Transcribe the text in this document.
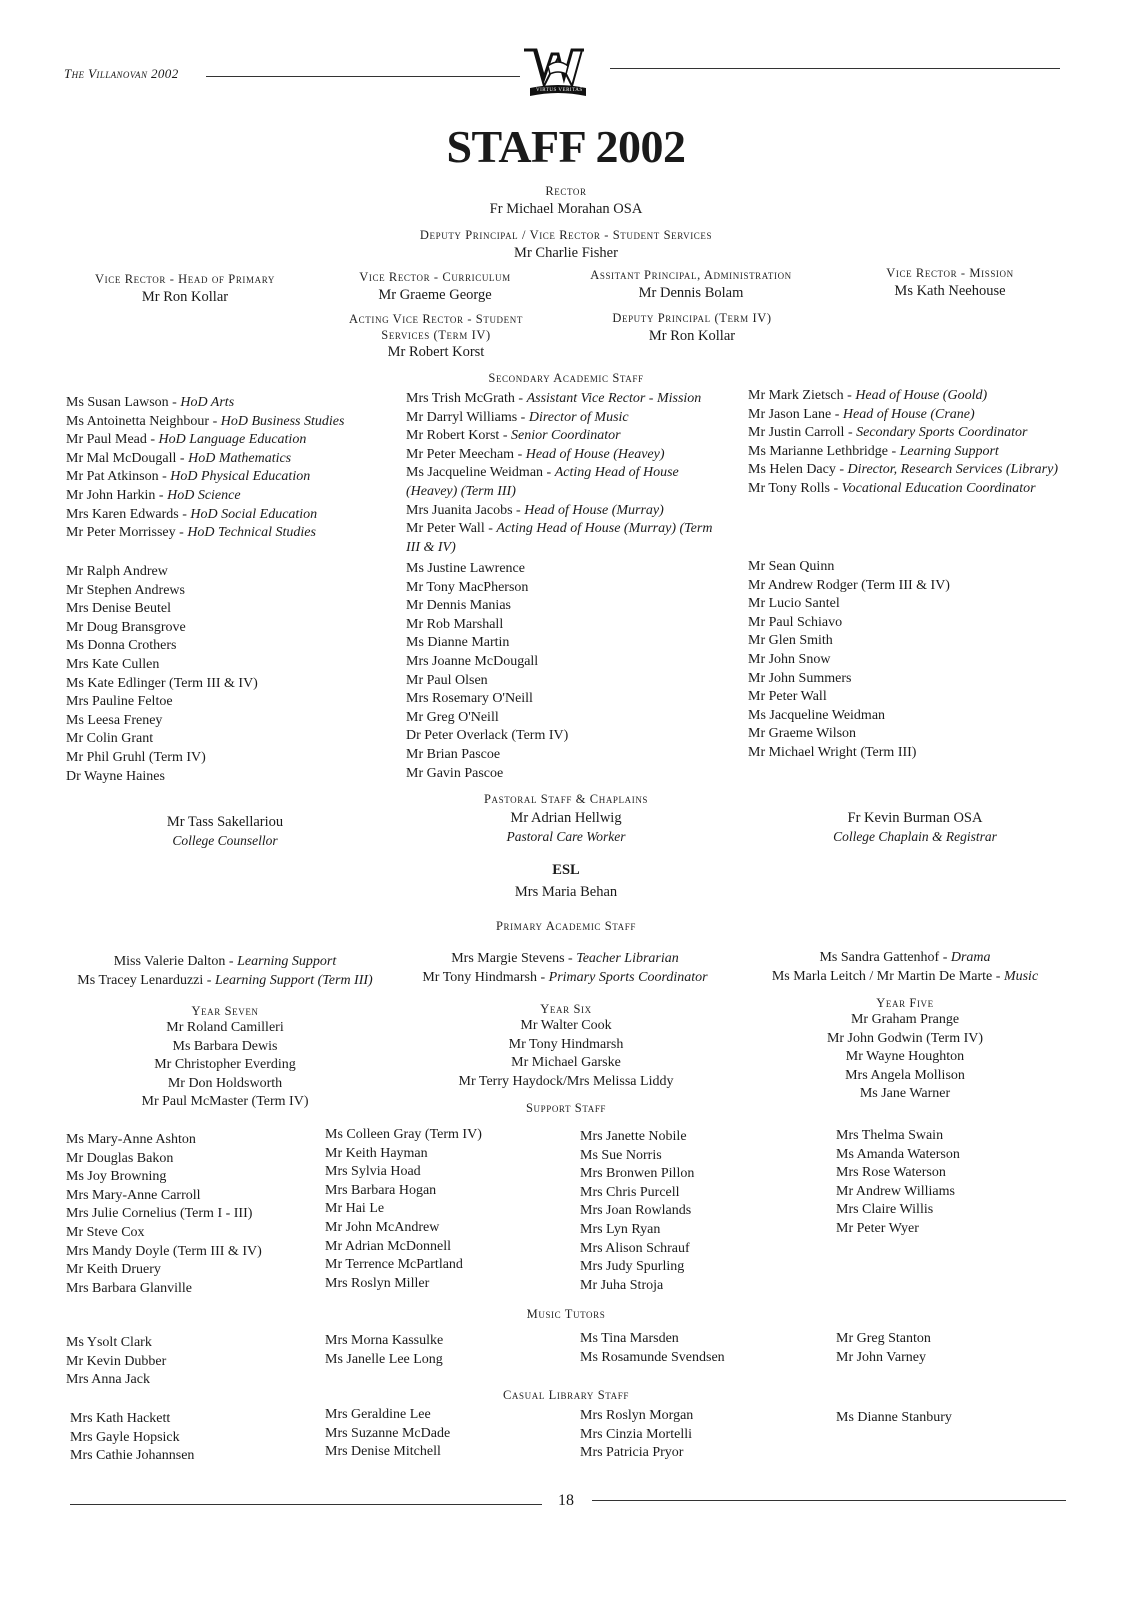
The Villanovan 2002
VIRTUS VERITAS
STAFF 2002
Rector
Fr Michael Morahan OSA
Deputy Principal / Vice Rector - Student Services
Mr Charlie Fisher
Vice Rector - Head of Primary
Mr Ron Kollar
Vice Rector - Curriculum
Mr Graeme George
Assitant Principal, Administration
Mr Dennis Bolam
Vice Rector - Mission
Ms Kath Neehouse
Acting Vice Rector - Student Services (Term IV)
Mr Robert Korst
Deputy Principal (Term IV)
Mr Ron Kollar
Secondary Academic Staff
Ms Susan Lawson - HoD Arts
Ms Antoinetta Neighbour - HoD Business Studies
Mr Paul Mead - HoD Language Education
Mr Mal McDougall - HoD Mathematics
Mr Pat Atkinson - HoD Physical Education
Mr John Harkin - HoD Science
Mrs Karen Edwards - HoD Social Education
Mr Peter Morrissey - HoD Technical Studies
Mrs Trish McGrath - Assistant Vice Rector - Mission
Mr Darryl Williams - Director of Music
Mr Robert Korst - Senior Coordinator
Mr Peter Meecham - Head of House (Heavey)
Ms Jacqueline Weidman - Acting Head of House (Heavey) (Term III)
Mrs Juanita Jacobs - Head of House (Murray)
Mr Peter Wall - Acting Head of House (Murray) (Term III & IV)
Mr Mark Zietsch - Head of House (Goold)
Mr Jason Lane - Head of House (Crane)
Mr Justin Carroll - Secondary Sports Coordinator
Ms Marianne Lethbridge - Learning Support
Ms Helen Dacy - Director, Research Services (Library)
Mr Tony Rolls - Vocational Education Coordinator
Mr Ralph Andrew
Mr Stephen Andrews
Mrs Denise Beutel
Mr Doug Bransgrove
Ms Donna Crothers
Mrs Kate Cullen
Ms Kate Edlinger (Term III & IV)
Mrs Pauline Feltoe
Ms Leesa Freney
Mr Colin Grant
Mr Phil Gruhl (Term IV)
Dr Wayne Haines
Ms Justine Lawrence
Mr Tony MacPherson
Mr Dennis Manias
Mr Rob Marshall
Ms Dianne Martin
Mrs Joanne McDougall
Mr Paul Olsen
Mrs Rosemary O'Neill
Mr Greg O'Neill
Dr Peter Overlack (Term IV)
Mr Brian Pascoe
Mr Gavin Pascoe
Mr Sean Quinn
Mr Andrew Rodger (Term III & IV)
Mr Lucio Santel
Mr Paul Schiavo
Mr Glen Smith
Mr John Snow
Mr John Summers
Mr Peter Wall
Ms Jacqueline Weidman
Mr Graeme Wilson
Mr Michael Wright (Term III)
Pastoral Staff & Chaplains
Mr Tass Sakellariou
College Counsellor
Mr Adrian Hellwig
Pastoral Care Worker
Fr Kevin Burman OSA
College Chaplain & Registrar
ESL
Mrs Maria Behan
Primary Academic Staff
Miss Valerie Dalton - Learning Support
Ms Tracey Lenarduzzi - Learning Support (Term III)
Mrs Margie Stevens - Teacher Librarian
Mr Tony Hindmarsh - Primary Sports Coordinator
Ms Sandra Gattenhof - Drama
Ms Marla Leitch / Mr Martin De Marte - Music
Year Seven
Mr Roland Camilleri
Ms Barbara Dewis
Mr Christopher Everding
Mr Don Holdsworth
Mr Paul McMaster (Term IV)
Year Six
Mr Walter Cook
Mr Tony Hindmarsh
Mr Michael Garske
Mr Terry Haydock/Mrs Melissa Liddy
Year Five
Mr Graham Prange
Mr John Godwin (Term IV)
Mr Wayne Houghton
Mrs Angela Mollison
Ms Jane Warner
Support Staff
Ms Mary-Anne Ashton
Mr Douglas Bakon
Ms Joy Browning
Mrs Mary-Anne Carroll
Mrs Julie Cornelius (Term I - III)
Mr Steve Cox
Mrs Mandy Doyle (Term III & IV)
Mr Keith Druery
Mrs Barbara Glanville
Ms Colleen Gray (Term IV)
Mr Keith Hayman
Mrs Sylvia Hoad
Mrs Barbara Hogan
Mr Hai Le
Mr John McAndrew
Mr Adrian McDonnell
Mr Terrence McPartland
Mrs Roslyn Miller
Mrs Janette Nobile
Ms Sue Norris
Mrs Bronwen Pillon
Mrs Chris Purcell
Mrs Joan Rowlands
Mrs Lyn Ryan
Mrs Alison Schrauf
Mrs Judy Spurling
Mr Juha Stroja
Mrs Thelma Swain
Ms Amanda Waterson
Mrs Rose Waterson
Mr Andrew Williams
Mrs Claire Willis
Mr Peter Wyer
Music Tutors
Ms Ysolt Clark
Mr Kevin Dubber
Mrs Anna Jack
Mrs Morna Kassulke
Ms Janelle Lee Long
Ms Tina Marsden
Ms Rosamunde Svendsen
Mr Greg Stanton
Mr John Varney
Casual Library Staff
Mrs Kath Hackett
Mrs Gayle Hopsick
Mrs Cathie Johannsen
Mrs Geraldine Lee
Mrs Suzanne McDade
Mrs Denise Mitchell
Mrs Roslyn Morgan
Mrs Cinzia Mortelli
Mrs Patricia Pryor
Ms Dianne Stanbury
18
